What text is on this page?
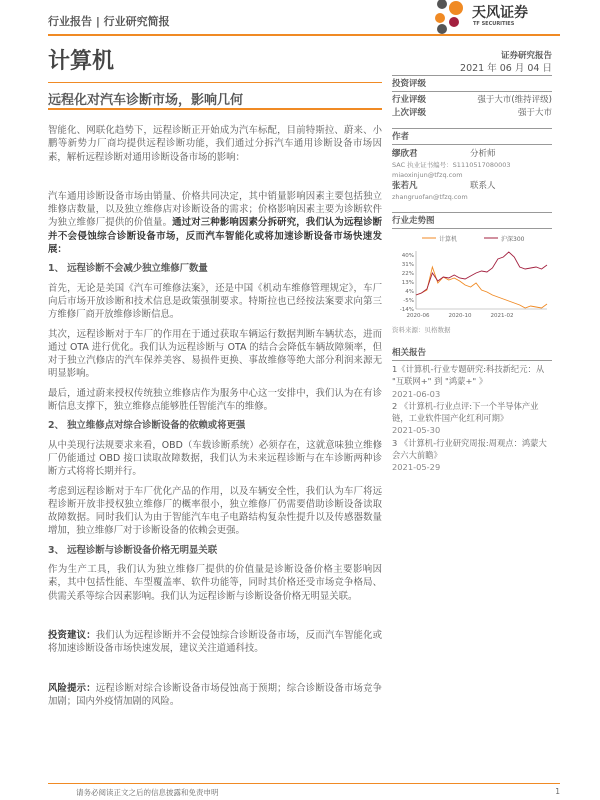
行业报告 | 行业研究简报
天风证券
TF SECURITIES
计算机
远程化对汽车诊断市场，影响几何

智能化、网联化趋势下，远程诊断正开始成为汽车标配，目前特斯拉、蔚来、小鹏等新势力厂商均提供远程诊断功能，我们通过分拆汽车通用诊断设备市场因素，解析远程诊断对通用诊断设备市场的影响：

汽车通用诊断设备市场由销量、价格共同决定，其中销量影响因素主要包括独立维修店数量，以及独立维修店对诊断设备的需求；价格影响因素主要为诊断软件为独立维修厂提供的价值量。通过对三种影响因素分拆研究，我们认为远程诊断并不会侵蚀综合诊断设备市场，反而汽车智能化或将加速诊断设备市场快速发展：

1、 远程诊断不会减少独立维修厂数量

首先，无论是美国《汽车可维修法案》，还是中国《机动车维修管理规定》，车厂向后市场开放诊断和技术信息是政策强制要求。特斯拉也已经按法案要求向第三方维修厂商开放维修诊断信息。

其次，远程诊断对于车厂的作用在于通过获取车辆运行数据判断车辆状态，进而通过 OTA 进行优化。我们认为远程诊断与 OTA 的结合会降低车辆故障频率，但对于独立汽修店的汽车保养美容、易损件更换、事故维修等绝大部分利润来源无明显影响。

最后，通过蔚来授权传统独立维修店作为服务中心这一安排中，我们认为在有诊断信息支撑下，独立维修点能够胜任智能汽车的维修。

2、 独立维修点对综合诊断设备的依赖或将更强

从中美现行法规要求来看，OBD（车载诊断系统）必须存在，这就意味独立维修厂仍能通过 OBD 接口读取故障数据，我们认为未来远程诊断与在车诊断两种诊断方式将将长期并行。

考虑到远程诊断对于车厂优化产品的作用，以及车辆安全性，我们认为车厂将远程诊断开放非授权独立维修厂的概率很小，独立维修厂仍需要借助诊断设备读取故障数据。同时我们认为由于智能汽车电子电路结构复杂性提升以及传感器数量增加，独立维修厂对于诊断设备的依赖会更强。

3、 远程诊断与诊断设备价格无明显关联

作为生产工具，我们认为独立维修厂提供的价值量是诊断设备价格主要影响因素，其中包括性能、车型覆盖率、软件功能等，同时其价格还受市场竞争格局、供需关系等综合因素影响。我们认为远程诊断与诊断设备价格无明显关联。

投资建议：我们认为远程诊断并不会侵蚀综合诊断设备市场，反而汽车智能化或将加速诊断设备市场快速发展，建议关注道通科技。

风险提示：远程诊断对综合诊断设备市场侵蚀高于预期；综合诊断设备市场竞争加剧；国内外疫情加剧的风险。

证券研究报告
2021 年 06 月 04 日
投资评级
行业评级	强于大市(维持评级)
上次评级	强于大市
作者
缪欣君	分析师
SAC 执业证书编号：S1110517080003
miaoxinjun@tfzq.com
张若凡	联系人
zhangruofan@tfzq.com
行业走势图
计算机	沪深300
40%
31%
22%
13%
4%
-5%
-14%
2020-06	2020-10	2021-02
资料来源：贝格数据
相关报告
1《计算机-行业专题研究:科技新纪元：从 "互联网+" 到 "鸿蒙+" 》
2021-06-03
2 《计算机-行业点评:下一个半导体产业链，工业软件国产化红利可期》
2021-05-30
3 《计算机-行业研究周报:周观点：鸿蒙大会六大前瞻》
2021-05-29
请务必阅读正文之后的信息披露和免责申明	1
